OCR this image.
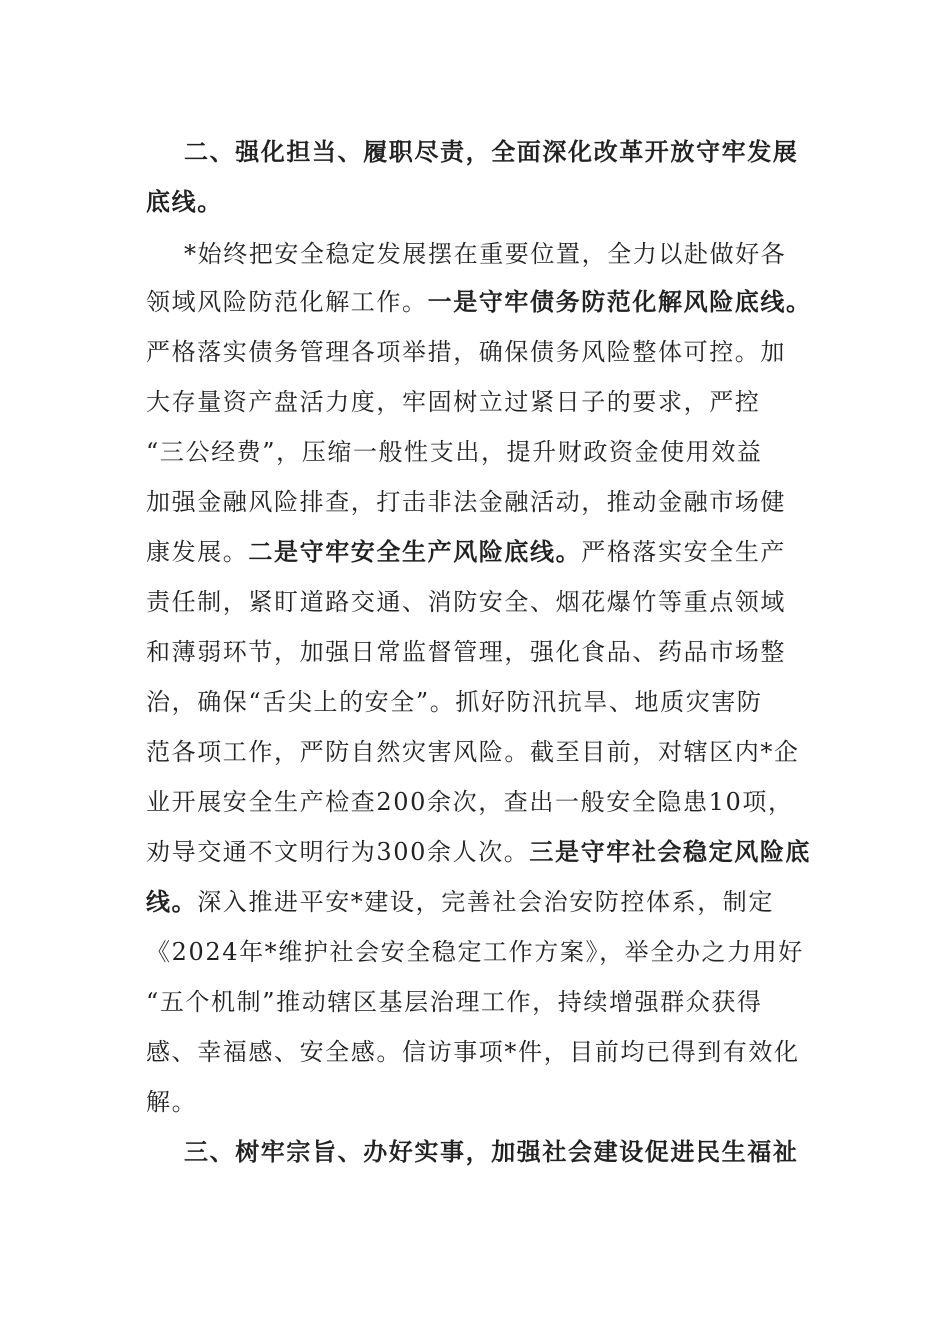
二、强化担当、履职尽责，全面深化改革开放守牢发展
底线。
*始终把安全稳定发展摆在重要位置，全力以赴做好各
领域风险防范化解工作。一是守牢债务防范化解风险底线。
严格落实债务管理各项举措，确保债务风险整体可控。加
大存量资产盘活力度，牢固树立过紧日子的要求，严控
“三公经费”，压缩一般性支出，提升财政资金使用效益
加强金融风险排查，打击非法金融活动，推动金融市场健
康发展。二是守牢安全生产风险底线。严格落实安全生产
责任制，紧盯道路交通、消防安全、烟花爆竹等重点领域
和薄弱环节，加强日常监督管理，强化食品、药品市场整
治，确保“舌尖上的安全”。抓好防汛抗旱、地质灾害防
范各项工作，严防自然灾害风险。截至目前，对辖区内*企
业开展安全生产检查200余次，查出一般安全隐患10项，
劝导交通不文明行为300余人次。三是守牢社会稳定风险底
线。深入推进平安*建设，完善社会治安防控体系，制定
《2024年*维护社会安全稳定工作方案》，举全办之力用好
“五个机制”推动辖区基层治理工作，持续增强群众获得
感、幸福感、安全感。信访事项*件，目前均已得到有效化
解。
三、树牢宗旨、办好实事，加强社会建设促进民生福祉
